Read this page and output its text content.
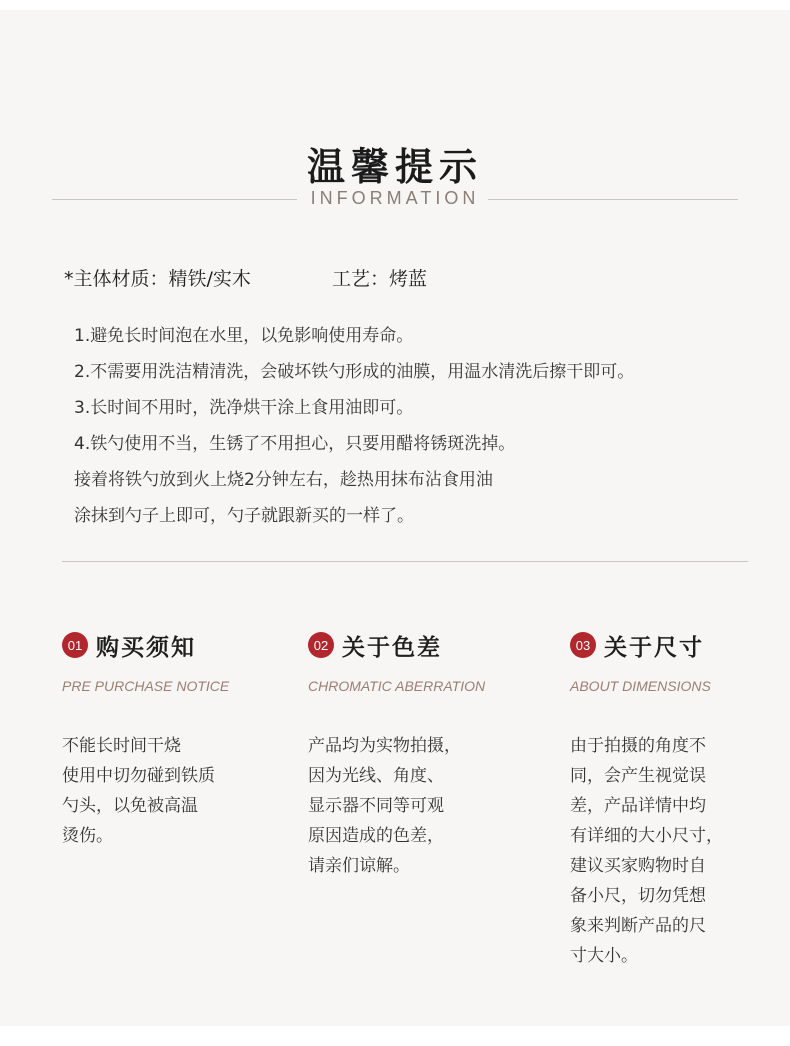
温馨提示
INFORMATION
*主体材质：精铁/实木	工艺：烤蓝
1.避免长时间泡在水里，以免影响使用寿命。
2.不需要用洗洁精清洗，会破坏铁勺形成的油膜，用温水清洗后擦干即可。
3.长时间不用时，洗净烘干涂上食用油即可。
4.铁勺使用不当，生锈了不用担心，只要用醋将锈斑洗掉。
接着将铁勺放到火上烧2分钟左右，趁热用抹布沾食用油
涂抹到勺子上即可，勺子就跟新买的一样了。
01 购买须知
PRE PURCHASE NOTICE
不能长时间干烧
使用中切勿碰到铁质
勺头，以免被高温
烫伤。
02 关于色差
CHROMATIC ABERRATION
产品均为实物拍摄，
因为光线、角度、
显示器不同等可观
原因造成的色差，
请亲们谅解。
03 关于尺寸
ABOUT DIMENSIONS
由于拍摄的角度不
同，会产生视觉误
差，产品详情中均
有详细的大小尺寸，
建议买家购物时自
备小尺，切勿凭想
象来判断产品的尺
寸大小。
